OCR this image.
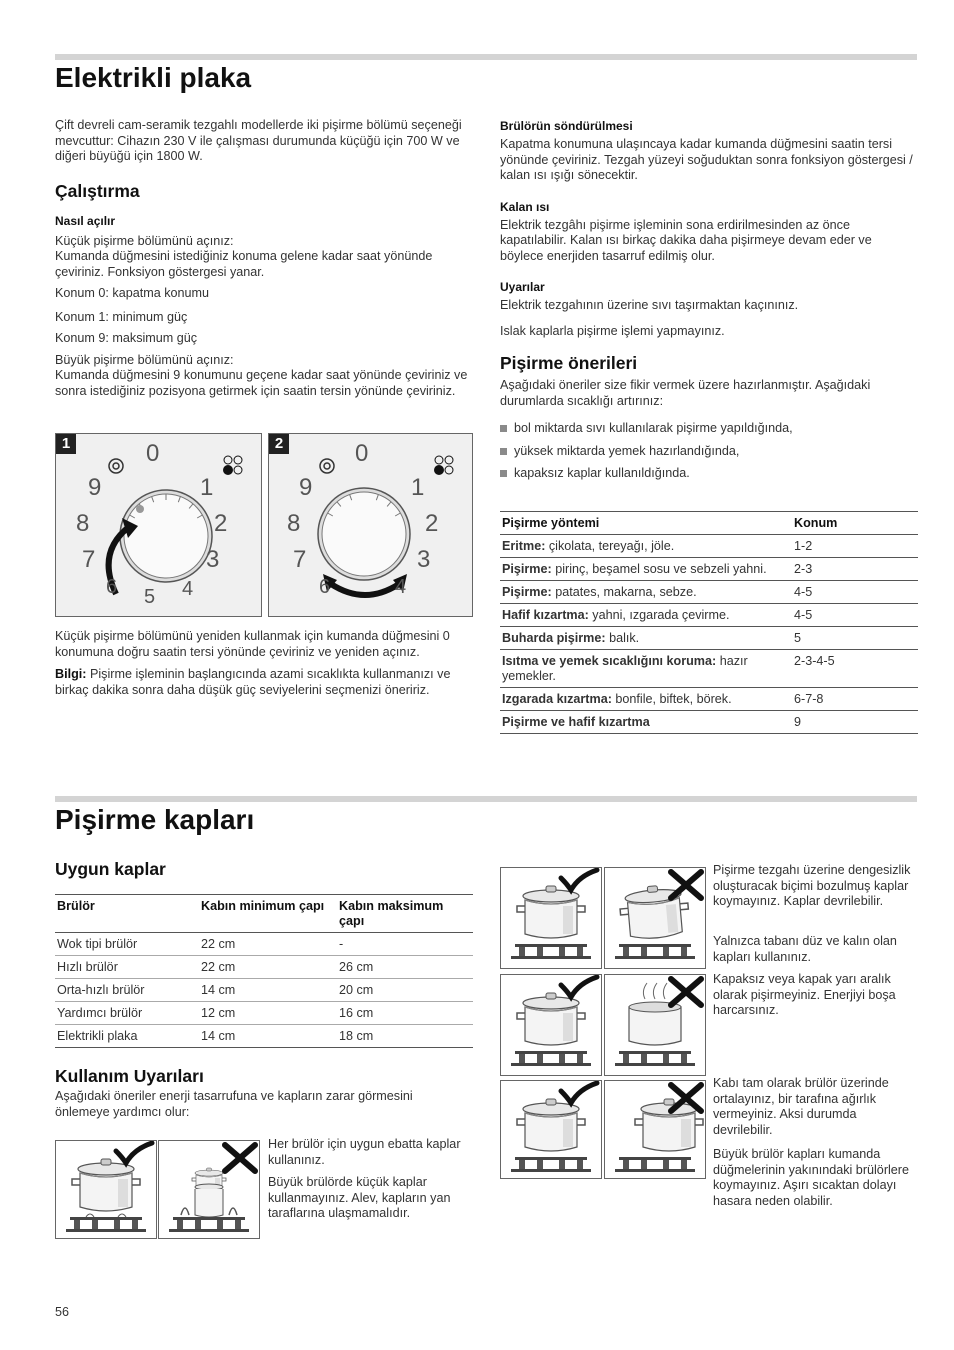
Elektrikli plaka
Çift devreli cam-seramik tezgahlı modellerde iki pişirme bölümü seçeneği mevcuttur: Cihazın 230 V ile çalışması durumunda küçüğü için 700 W ve diğeri büyüğü için 1800 W.
Çalıştırma
Nasıl açılır
Küçük pişirme bölümünü açınız:
Kumanda düğmesini istediğiniz konuma gelene kadar saat yönünde çeviriniz. Fonksiyon göstergesi yanar.
Konum 0: kapatma konumu
Konum 1: minimum güç
Konum 9: maksimum güç
Büyük pişirme bölümünü açınız:
Kumanda düğmesini 9 konumunu geçene kadar saat yönünde çeviriniz ve sonra istediğiniz pozisyona getirmek için saatin tersin yönünde çeviriniz.
1	0
1
2
3
4
5
6
7
8
9
2	0
1
2
3
4
6
7
8
9
Küçük pişirme bölümünü yeniden kullanmak için kumanda düğmesini 0 konumuna doğru saatin tersi yönünde çeviriniz ve yeniden açınız.
Bilgi: Pişirme işleminin başlangıcında azami sıcaklıkta kullanmanızı ve birkaç dakika sonra daha düşük güç seviyelerini seçmenizi öneririz.
Brülörün söndürülmesi
Kapatma konumuna ulaşıncaya kadar kumanda düğmesini saatin tersi yönünde çeviriniz. Tezgah yüzeyi soğuduktan sonra fonksiyon göstergesi / kalan ısı ışığı sönecektir.
Kalan ısı
Elektrik tezgâhı pişirme işleminin sona erdirilmesinden az önce kapatılabilir. Kalan ısı birkaç dakika daha pişirmeye devam eder ve böylece enerjiden tasarruf edilmiş olur.
Uyarılar
Elektrik tezgahının üzerine sıvı taşırmaktan kaçınınız.
Islak kaplarla pişirme işlemi yapmayınız.
Pişirme önerileri
Aşağıdaki öneriler size fikir vermek üzere hazırlanmıştır. Aşağıdaki durumlarda sıcaklığı artırınız:
bol miktarda sıvı kullanılarak pişirme yapıldığında,
yüksek miktarda yemek hazırlandığında,
kapaksız kaplar kullanıldığında.
Pişirme yöntemi	Konum
Eritme: çikolata, tereyağı, jöle.	1-2
Pişirme: pirinç, beşamel sosu ve sebzeli yahni.	2-3
Pişirme: patates, makarna, sebze.	4-5
Hafif kızartma: yahni, ızgarada çevirme.	4-5
Buharda pişirme: balık.	5
Isıtma ve yemek sıcaklığını koruma: hazır yemekler.	2-3-4-5
Izgarada kızartma: bonfile, biftek, börek.	6-7-8
Pişirme ve hafif kızartma	9
Pişirme kapları
Uygun kaplar
Brülör	Kabın minimum çapı	Kabın maksimum çapı
Wok tipi brülör	22 cm	-
Hızlı brülör	22 cm	26 cm
Orta-hızlı brülör	14 cm	20 cm
Yardımcı brülör	12 cm	16 cm
Elektrikli plaka	14 cm	18 cm
Kullanım Uyarıları
Aşağıdaki öneriler enerji tasarrufuna ve kapların zarar görmesini önlemeye yardımcı olur:
Her brülör için uygun ebatta kaplar kullanınız.
Büyük brülörde küçük kaplar kullanmayınız. Alev, kapların yan taraflarına ulaşmamalıdır.
Pişirme tezgahı üzerine dengesizlik oluşturacak biçimi bozulmuş kaplar koymayınız. Kaplar devrilebilir.
Yalnızca tabanı düz ve kalın olan kapları kullanınız.
Kapaksız veya kapak yarı aralık olarak pişirmeyiniz. Enerjiyi boşa harcarsınız.
Kabı tam olarak brülör üzerinde ortalayınız, bir tarafına ağırlık vermeyiniz. Aksi durumda devrilebilir.
Büyük brülör kapları kumanda düğmelerinin yakınındaki brülörlere koymayınız. Aşırı sıcaktan dolayı hasara neden olabilir.
56
